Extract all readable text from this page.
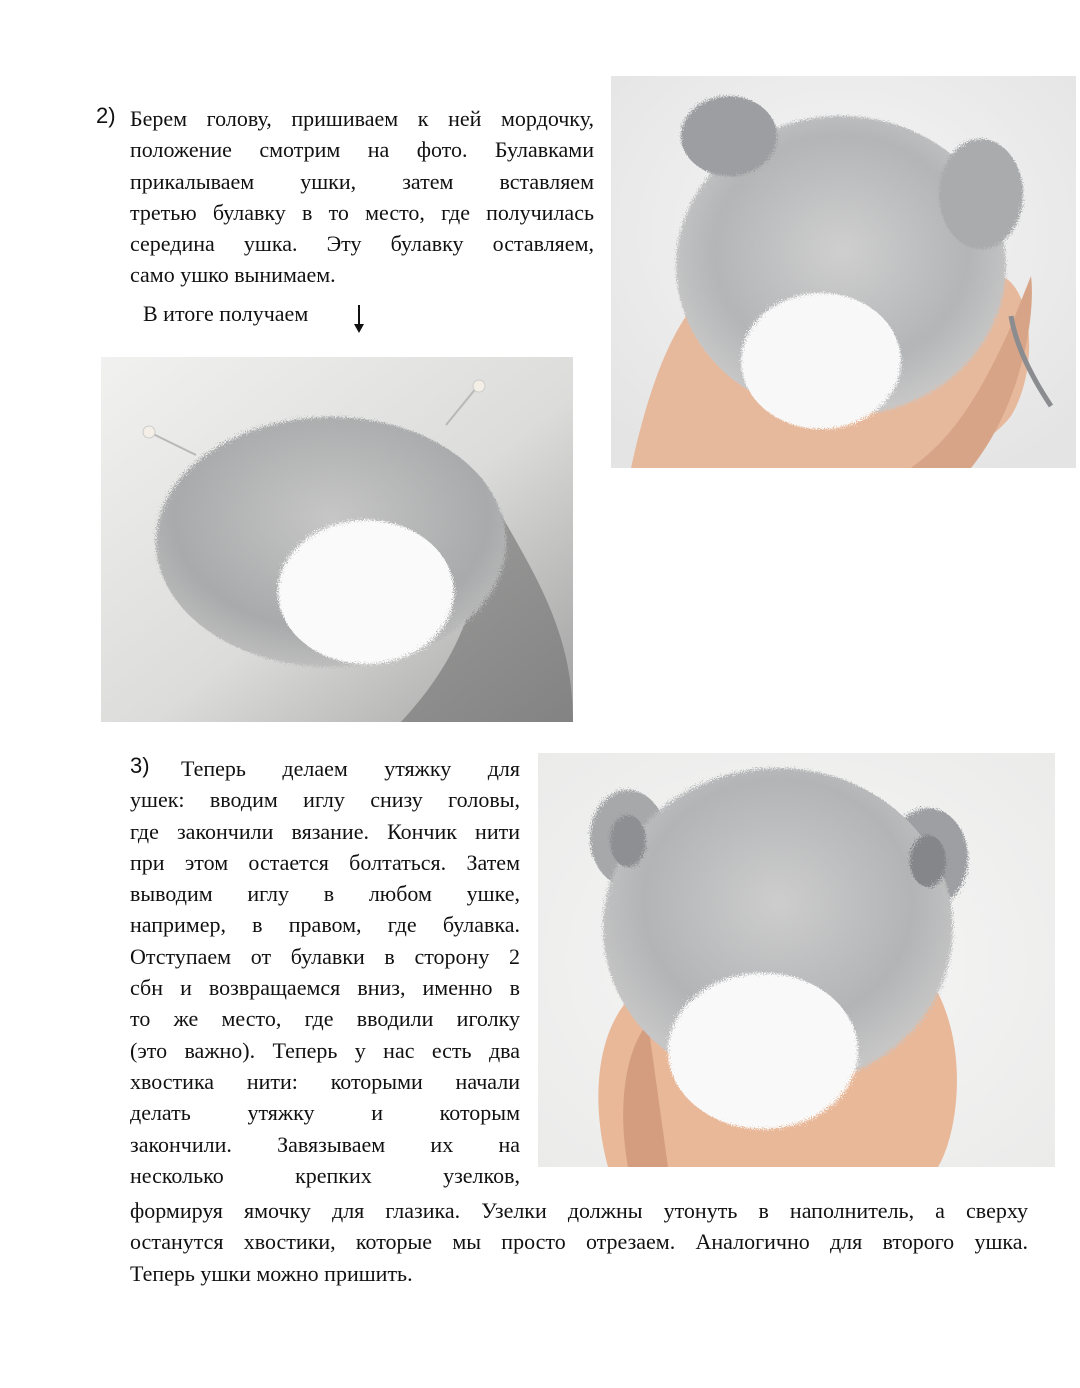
2) Берем голову, пришиваем к ней мордочку,
положение смотрим на фото. Булавками
прикалываем ушки, затем вставляем
третью булавку в то место, где получилась
середина ушка. Эту булавку оставляем,
само ушко вынимаем.
В итоге получаем
3)	Теперь делаем утяжку для
ушек: вводим иглу снизу головы,
где закончили вязание. Кончик нити
при этом остается болтаться. Затем
выводим иглу в любом ушке,
например, в правом, где булавка.
Отступаем от булавки в сторону 2
сбн и возвращаемся вниз, именно в
то же место, где вводили иголку
(это важно). Теперь у нас есть два
хвостика нити: которыми начали
делать утяжку и которым
закончили. Завязываем их на
несколько крепких узелков,
формируя ямочку для глазика. Узелки должны утонуть в наполнитель, а сверху
останутся хвостики, которые мы просто отрезаем. Аналогично для второго ушка.
Теперь ушки можно пришить.
